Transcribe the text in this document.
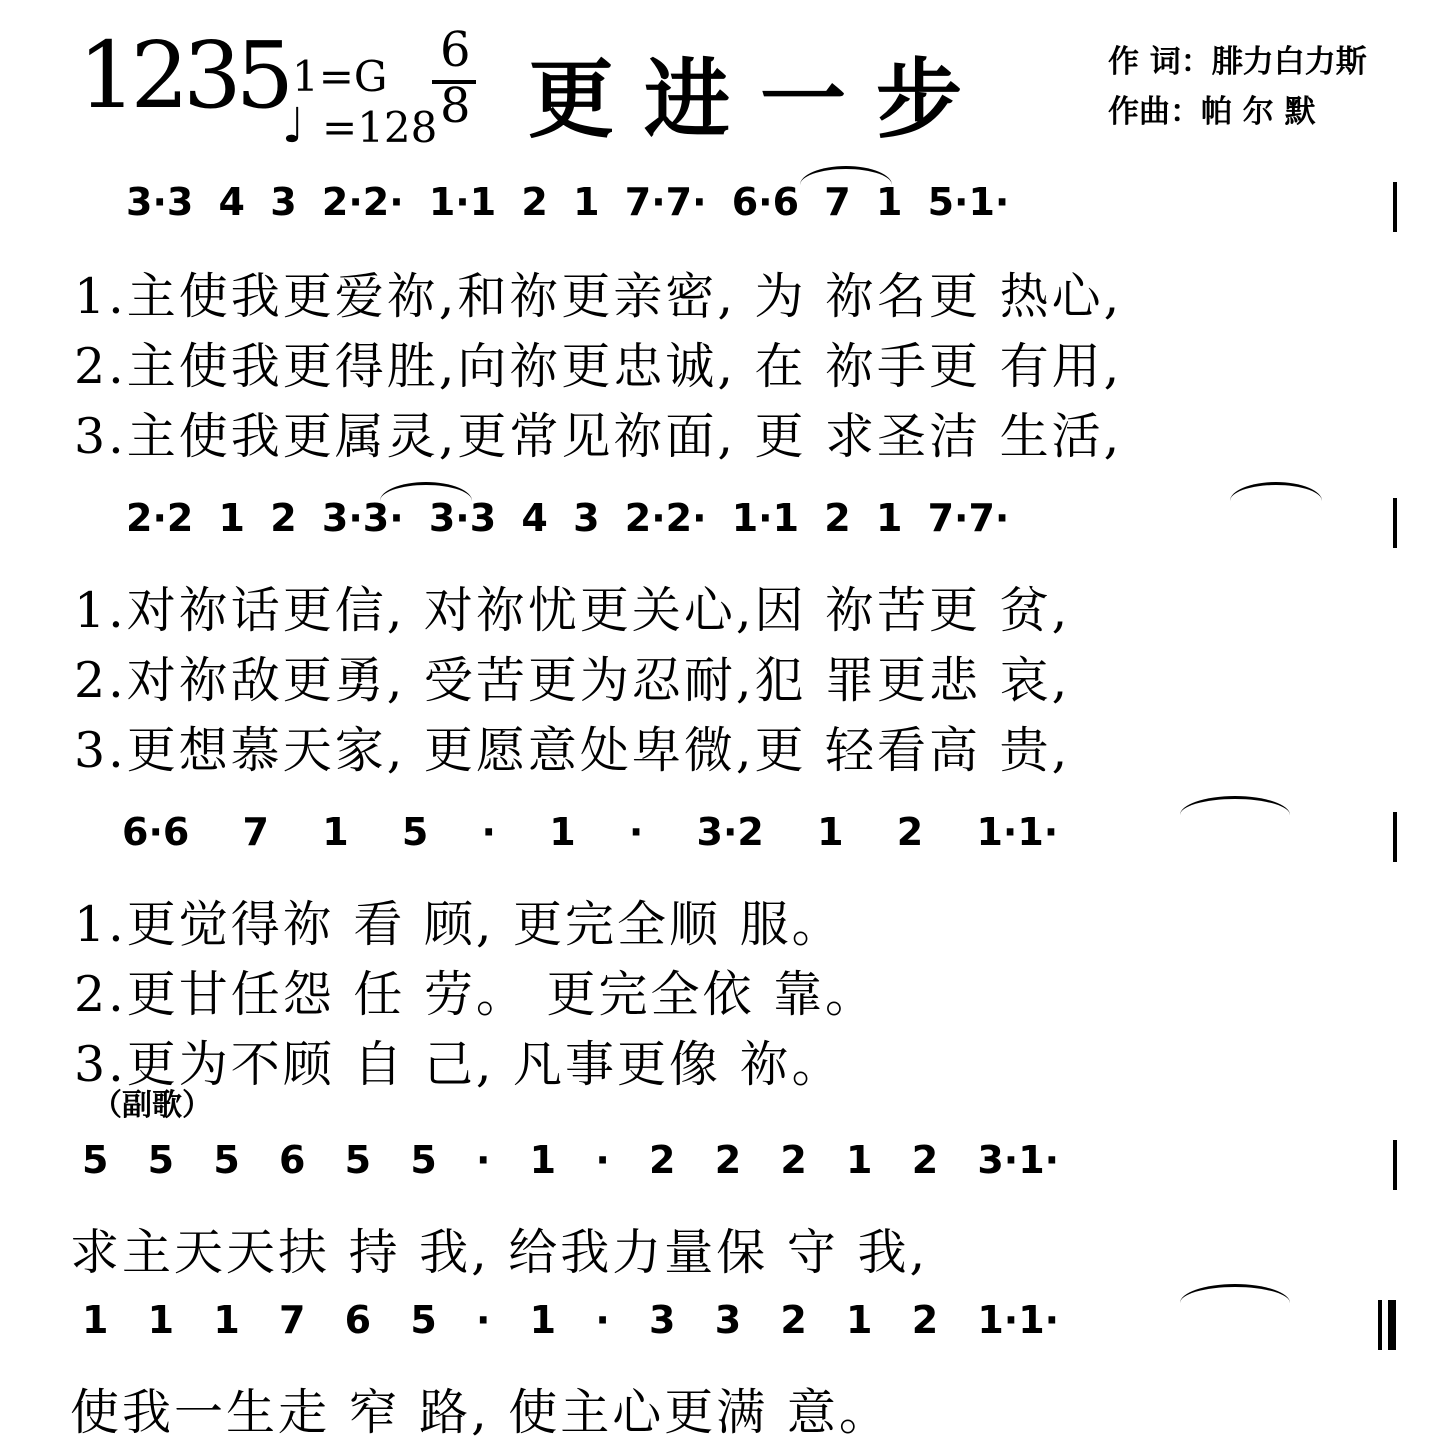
1235 1=G
♩ =128
6
8 更进一步	作 词：腓力白力斯
作曲：帕 尔 默
3·3 4 3 2·2· 1·1 2 1 7·7· 6·6 7 1 5·1·
1.主使我更爱祢,和祢更亲密, 为 祢名更 热心,
2.主使我更得胜,向祢更忠诚, 在 祢手更 有用,
3.主使我更属灵,更常见祢面, 更 求圣洁 生活,
2·2 1 2 3·3· 3·3 4 3 2·2· 1·1 2 1 7·7·
1.对祢话更信, 对祢忧更关心,因 祢苦更 贫,
2.对祢敌更勇, 受苦更为忍耐,犯 罪更悲 哀,
3.更想慕天家, 更愿意处卑微,更 轻看高 贵,
6·6 7 1 5 · 1 · 3·2 1 2 1·1·
1.更觉得祢 看 顾, 更完全顺 服。
2.更甘任怨 任 劳。 更完全依 靠。
3.更为不顾 自 己, 凡事更像 祢。
（副歌）
5 5 5 6 5 5 · 1 · 2 2 2 1 2 3·1·
求主天天扶 持 我, 给我力量保 守 我,
1 1 1 7 6 5 · 1 · 3 3 2 1 2 1·1·
使我一生走 窄 路, 使主心更满 意。
